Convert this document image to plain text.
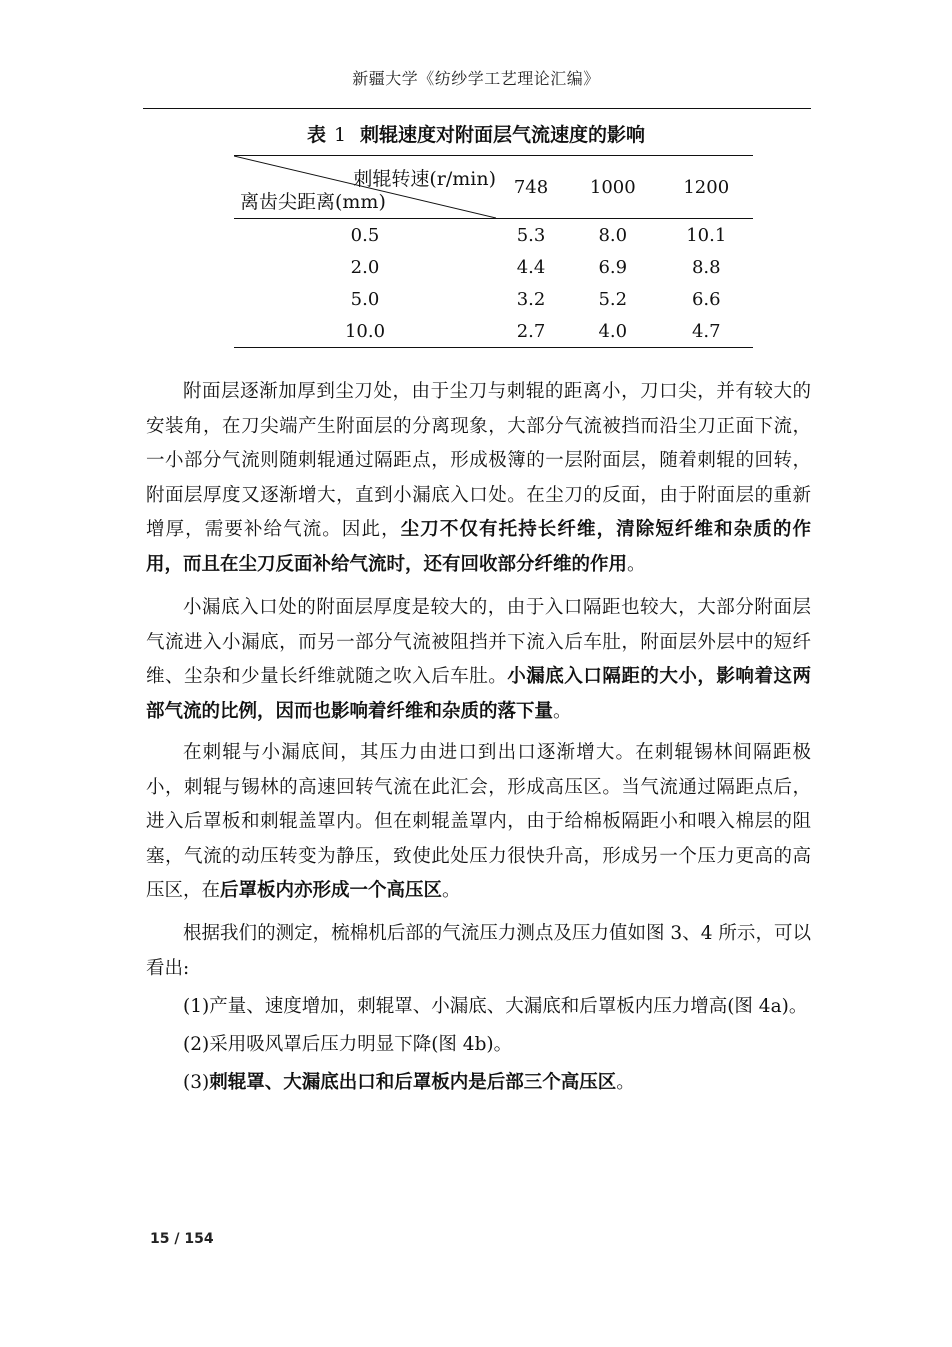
新疆大学《纺纱学工艺理论汇编》
表 1 刺辊速度对附面层气流速度的影响
刺辊转速(r/min)
离齿尖距离(mm)	748	1000	1200
0.5	5.3	8.0	10.1
2.0	4.4	6.9	8.8
5.0	3.2	5.2	6.6
10.0	2.7	4.0	4.7

附面层逐渐加厚到尘刀处，由于尘刀与刺辊的距离小，刀口尖，并有较大的安装角，在刀尖端产生附面层的分离现象，大部分气流被挡而沿尘刀正面下流，一小部分气流则随刺辊通过隔距点，形成极簿的一层附面层，随着刺辊的回转，附面层厚度又逐渐增大，直到小漏底入口处。在尘刀的反面，由于附面层的重新增厚，需要补给气流。因此，尘刀不仅有托持长纤维，清除短纤维和杂质的作用，而且在尘刀反面补给气流时，还有回收部分纤维的作用。

小漏底入口处的附面层厚度是较大的，由于入口隔距也较大，大部分附面层气流进入小漏底，而另一部分气流被阻挡并下流入后车肚，附面层外层中的短纤维、尘杂和少量长纤维就随之吹入后车肚。小漏底入口隔距的大小，影响着这两部气流的比例，因而也影响着纤维和杂质的落下量。

在刺辊与小漏底间，其压力由进口到出口逐渐增大。在刺辊锡林间隔距极小，刺辊与锡林的高速回转气流在此汇会，形成高压区。当气流通过隔距点后，进入后罩板和刺辊盖罩内。但在刺辊盖罩内，由于给棉板隔距小和喂入棉层的阻塞，气流的动压转变为静压，致使此处压力很快升高，形成另一个压力更高的高压区，在后罩板内亦形成一个高压区。

根据我们的测定，梳棉机后部的气流压力测点及压力值如图 3、4 所示，可以看出:

(1)产量、速度增加，刺辊罩、小漏底、大漏底和后罩板内压力增高(图 4a)。

(2)采用吸风罩后压力明显下降(图 4b)。

(3)刺辊罩、大漏底出口和后罩板内是后部三个高压区。

15 / 154
